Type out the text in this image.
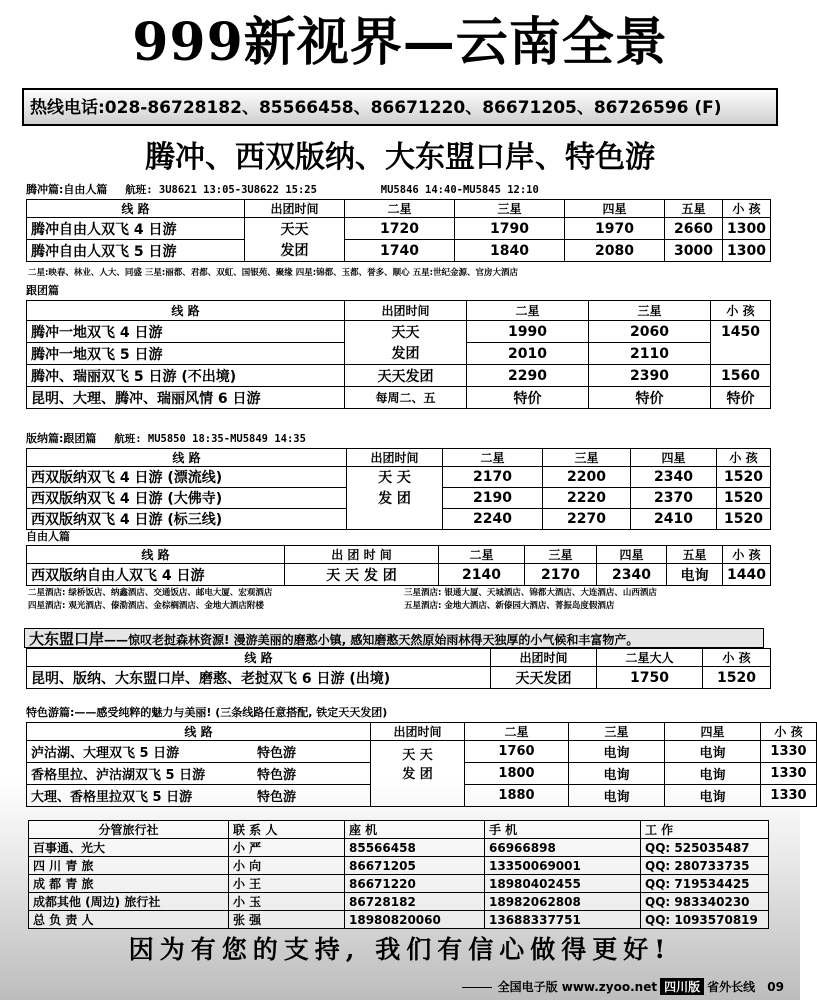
999新视界—云南全景
热线电话:028-86728182、85566458、86671220、86671205、86726596 (F)
腾冲、西双版纳、大东盟口岸、特色游
腾冲篇:自由人篇 航班: 3U8621 13:05-3U8622 15:25	MU5846 14:40-MU5845 12:10
线 路	出团时间	二星	三星	四星	五星	小 孩
腾冲自由人双飞 4 日游	天天	1720	1790	1970	2660	1300
腾冲自由人双飞 5 日游	发团	1740	1840	2080	3000	1300
二星:映春、林业、人大、同盛 三星:丽都、君都、双虹、国银苑、聚缘 四星:锦都、玉都、誉多、顺心 五星:世纪金源、官房大酒店
跟团篇
线 路	出团时间	二星	三星	小 孩
腾冲一地双飞 4 日游	天天	1990	2060	1450
腾冲一地双飞 5 日游	发团	2010	2110	
腾冲、瑞丽双飞 5 日游 (不出境)	天天发团	2290	2390	1560
昆明、大理、腾冲、瑞丽风情 6 日游	每周二、五	特价	特价	特价
版纳篇:跟团篇 航班: MU5850 18:35-MU5849 14:35
线 路	出团时间	二星	三星	四星	小 孩
西双版纳双飞 4 日游 (漂流线)	天 天	2170	2200	2340	1520
西双版纳双飞 4 日游 (大佛寺)	发 团	2190	2220	2370	1520
西双版纳双飞 4 日游 (标三线)		2240	2270	2410	1520
自由人篇
线 路	出 团 时 间	二星	三星	四星	五星	小 孩
西双版纳自由人双飞 4 日游	天 天 发 团	2140	2170	2340	电询	1440
二星酒店: 绿桥饭店、纳鑫酒店、交通饭店、邮电大厦、宏观酒店	三星酒店: 银通大厦、天城酒店、锦都大酒店、大连酒店、山西酒店
四星酒店: 观光酒店、傣泐酒店、金棕榈酒店、金地大酒店附楼	五星酒店: 金地大酒店、新傣园大酒店、菁振岛度假酒店
大东盟口岸——惊叹老挝森林资源! 漫游美丽的磨憨小镇, 感知磨憨天然原始雨林得天独厚的小气候和丰富物产。
线 路	出团时间	二星大人	小 孩
昆明、版纳、大东盟口岸、磨憨、老挝双飞 6 日游 (出境)	天天发团	1750	1520
特色游篇:——感受纯粹的魅力与美丽! (三条线路任意搭配, 铁定天天发团)
线 路	出团时间	二星	三星	四星	小 孩
泸沽湖、大理双飞 5 日游 特色游	天 天	1760	电询	电询	1330
香格里拉、泸沽湖双飞 5 日游 特色游	发 团	1800	电询	电询	1330
大理、香格里拉双飞 5 日游 特色游		1880	电询	电询	1330
分管旅行社	联 系 人	座 机	手 机	工 作
百事通、光大	小 严	85566458	66966898	QQ: 525035487
四 川 青 旅	小 向	86671205	13350069001	QQ: 280733735
成 都 青 旅	小 王	86671220	18980402455	QQ: 719534425
成都其他 (周边) 旅行社	小 玉	86728182	18982062808	QQ: 983340230
总 负 责 人	张 强	18980820060	13688337751	QQ: 1093570819
因为有您的支持, 我们有信心做得更好!
全国电子版 www.zyoo.net 四川版 省外长线 09
